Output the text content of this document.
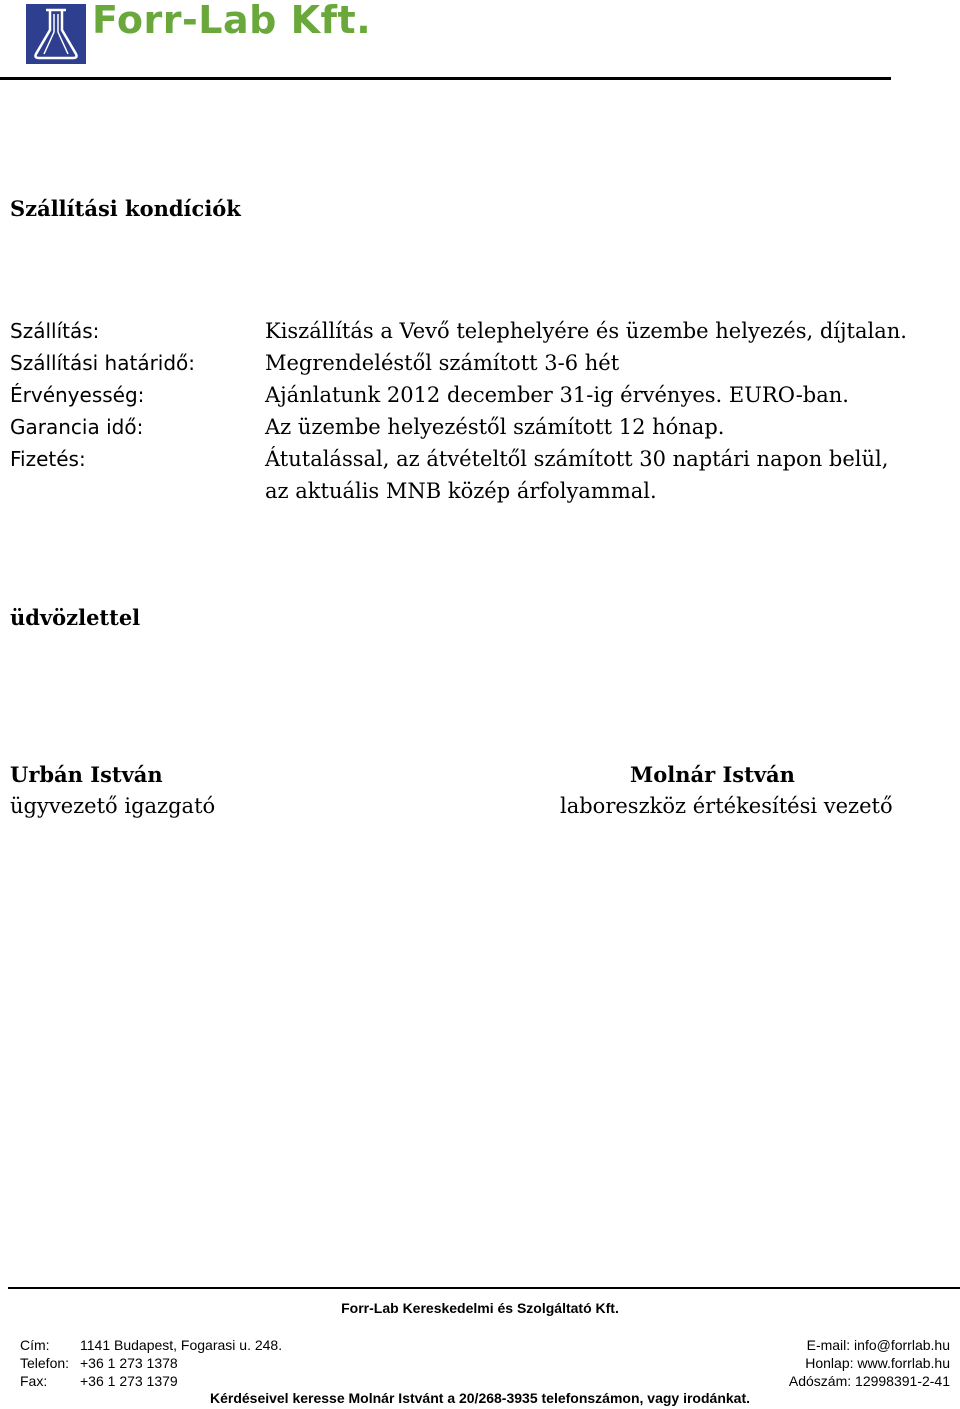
Forr-Lab Kft.
Szállítási kondíciók
Szállítás:	Kiszállítás a Vevő telephelyére és üzembe helyezés, díjtalan.
Szállítási határidő:	Megrendeléstől számított 3-6 hét
Érvényesség:	Ajánlatunk 2012 december 31-ig érvényes. EURO-ban.
Garancia idő:	Az üzembe helyezéstől számított 12 hónap.
Fizetés:	Átutalással, az átvételtől számított 30 naptári napon belül,
az aktuális MNB közép árfolyammal.
üdvözlettel
Urbán István
ügyvezető igazgató
Molnár István
laboreszköz értékesítési vezető
Forr-Lab Kereskedelmi és Szolgáltató Kft.
Cím: 1141 Budapest, Fogarasi u. 248.	E-mail: info@forrlab.hu
Telefon: +36 1 273 1378	Honlap: www.forrlab.hu
Fax: +36 1 273 1379	Adószám: 12998391-2-41
Kérdéseivel keresse Molnár Istvánt a 20/268-3935 telefonszámon, vagy irodánkat.
